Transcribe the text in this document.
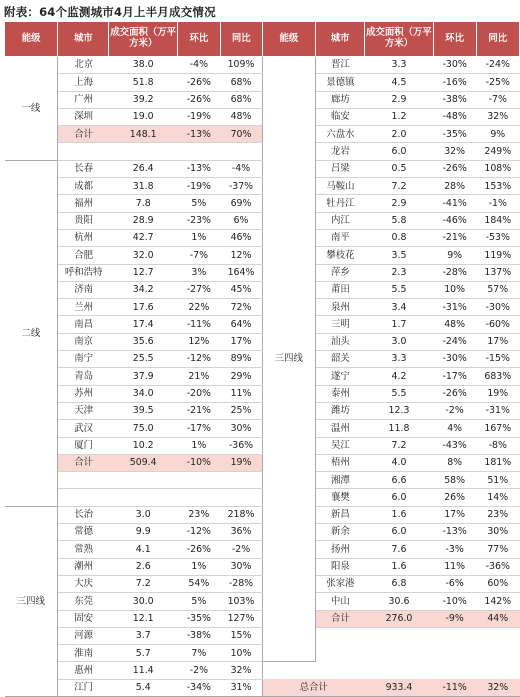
附表：64个监测城市4月上半月成交情况
能级	城市	成交面积（万平方米）	环比	同比	能级	城市	成交面积（万平方米）	环比	同比
一线	北京	38.0	-4%	109%	三四线	晋江	3.3	-30%	-24%
	上海	51.8	-26%	68%		景德镇	4.5	-16%	-25%
	广州	39.2	-26%	68%		廊坊	2.9	-38%	-7%
	深圳	19.0	-19%	48%		临安	1.2	-48%	32%
	合计	148.1	-13%	70%		六盘水	2.0	-35%	9%
						龙岩	6.0	32%	249%
二线	长春	26.4	-13%	-4%		吕梁	0.5	-26%	108%
	成都	31.8	-19%	-37%		马鞍山	7.2	28%	153%
	福州	7.8	5%	69%		牡丹江	2.9	-41%	-1%
	贵阳	28.9	-23%	6%		内江	5.8	-46%	184%
	杭州	42.7	1%	46%		南平	0.8	-21%	-53%
	合肥	32.0	-7%	12%		攀枝花	3.5	9%	119%
	呼和浩特	12.7	3%	164%		萍乡	2.3	-28%	137%
	济南	34.2	-27%	45%		莆田	5.5	10%	57%
	兰州	17.6	22%	72%		泉州	3.4	-31%	-30%
	南昌	17.4	-11%	64%		三明	1.7	48%	-60%
	南京	35.6	12%	17%		汕头	3.0	-24%	17%
	南宁	25.5	-12%	89%		韶关	3.3	-30%	-15%
	青岛	37.9	21%	29%		遂宁	4.2	-17%	683%
	苏州	34.0	-20%	11%		泰州	5.5	-26%	19%
	天津	39.5	-21%	25%		潍坊	12.3	-2%	-31%
	武汉	75.0	-17%	30%		温州	11.8	4%	167%
	厦门	10.2	1%	-36%		吴江	7.2	-43%	-8%
	合计	509.4	-10%	19%		梧州	4.0	8%	181%
						湘潭	6.6	58%	51%
						襄樊	6.0	26%	14%
三四线	长治	3.0	23%	218%		新昌	1.6	17%	23%
	常德	9.9	-12%	36%		新余	6.0	-13%	30%
	常熟	4.1	-26%	-2%		扬州	7.6	-3%	77%
	潮州	2.6	1%	30%		阳泉	1.6	11%	-36%
	大庆	7.2	54%	-28%		张家港	6.8	-6%	60%
	东莞	30.0	5%	103%		中山	30.6	-10%	142%
	固安	12.1	-35%	127%		合计	276.0	-9%	44%
	河源	3.7	-38%	15%					
	淮南	5.7	7%	10%					
	惠州	11.4	-2%	32%					
	江门	5.4	-34%	31%	总合计		933.4	-11%	32%
